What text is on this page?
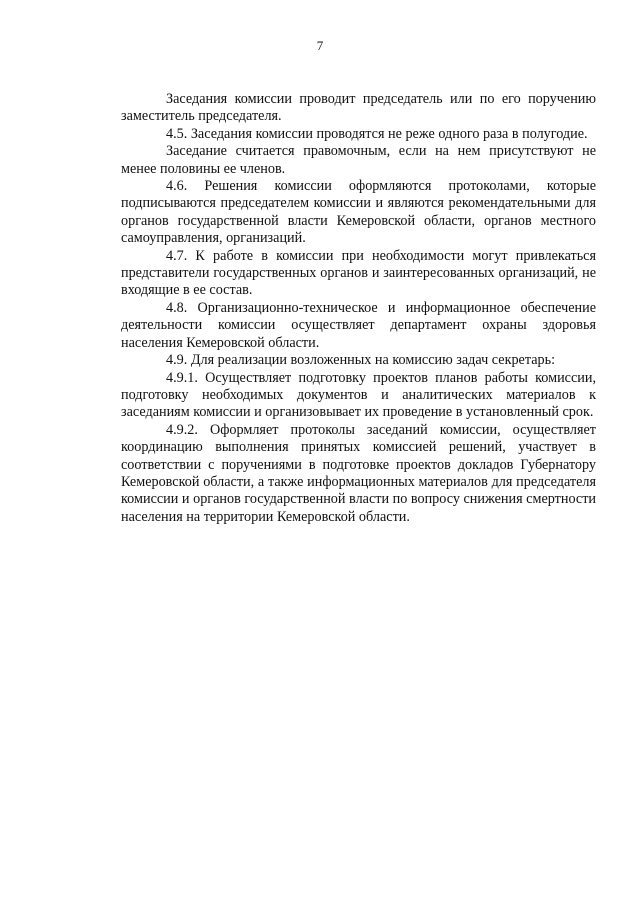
7

Заседания комиссии проводит председатель или по его поручению заместитель председателя.

4.5. Заседания комиссии проводятся не реже одного раза в полугодие.

Заседание считается правомочным, если на нем присутствуют не менее половины ее членов.

4.6. Решения комиссии оформляются протоколами, которые подписываются председателем комиссии и являются рекомендательными для органов государственной власти Кемеровской области, органов местного самоуправления, организаций.

4.7. К работе в комиссии при необходимости могут привлекаться представители государственных органов и заинтересованных организаций, не входящие в ее состав.

4.8. Организационно-техническое и информационное обеспечение деятельности комиссии осуществляет департамент охраны здоровья населения Кемеровской области.

4.9. Для реализации возложенных на комиссию задач секретарь:

4.9.1. Осуществляет подготовку проектов планов работы комиссии, подготовку необходимых документов и аналитических материалов к заседаниям комиссии и организовывает их проведение в установленный срок.

4.9.2. Оформляет протоколы заседаний комиссии, осуществляет координацию выполнения принятых комиссией решений, участвует в соответствии с поручениями в подготовке проектов докладов Губернатору Кемеровской области, а также информационных материалов для председателя комиссии и органов государственной власти по вопросу снижения смертности населения на территории Кемеровской области.
